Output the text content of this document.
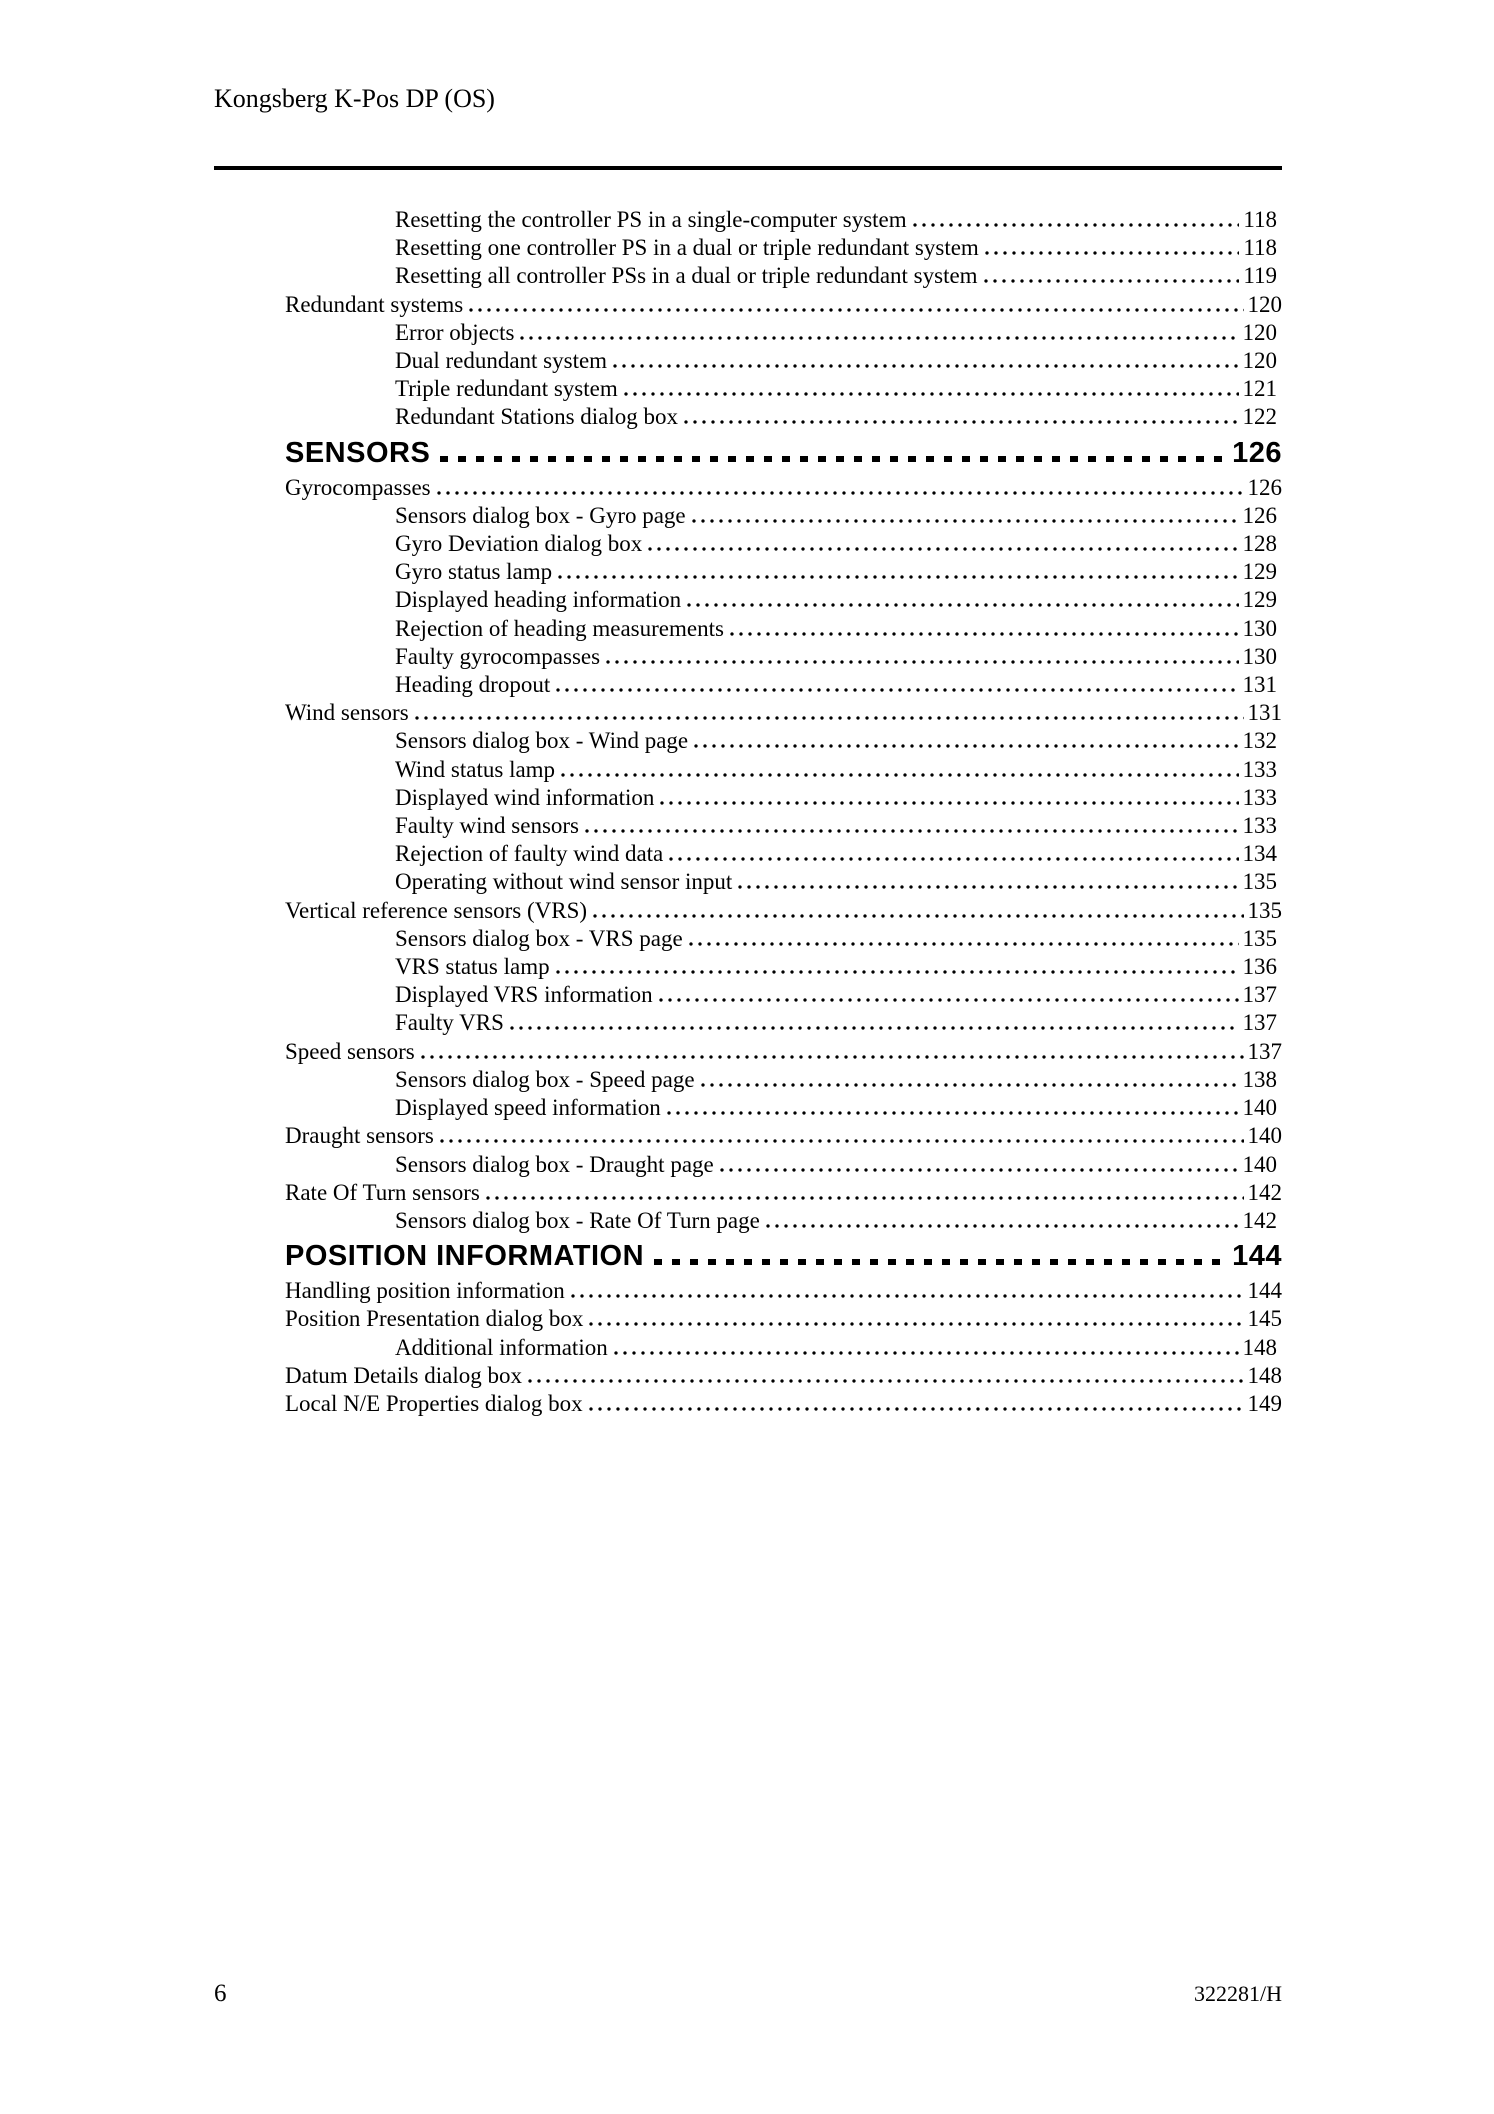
Kongsberg K-Pos DP (OS)
Resetting the controller PS in a single-computer system	118
Resetting one controller PS in a dual or triple redundant system	118
Resetting all controller PSs in a dual or triple redundant system	119
Redundant systems	120
Error objects	120
Dual redundant system	120
Triple redundant system	121
Redundant Stations dialog box	122
SENSORS	126
Gyrocompasses	126
Sensors dialog box - Gyro page	126
Gyro Deviation dialog box	128
Gyro status lamp	129
Displayed heading information	129
Rejection of heading measurements	130
Faulty gyrocompasses	130
Heading dropout	131
Wind sensors	131
Sensors dialog box - Wind page	132
Wind status lamp	133
Displayed wind information	133
Faulty wind sensors	133
Rejection of faulty wind data	134
Operating without wind sensor input	135
Vertical reference sensors (VRS)	135
Sensors dialog box - VRS page	135
VRS status lamp	136
Displayed VRS information	137
Faulty VRS	137
Speed sensors	137
Sensors dialog box - Speed page	138
Displayed speed information	140
Draught sensors	140
Sensors dialog box - Draught page	140
Rate Of Turn sensors	142
Sensors dialog box - Rate Of Turn page	142
POSITION INFORMATION	144
Handling position information	144
Position Presentation dialog box	145
Additional information	148
Datum Details dialog box	148
Local N/E Properties dialog box	149
6	322281/H
